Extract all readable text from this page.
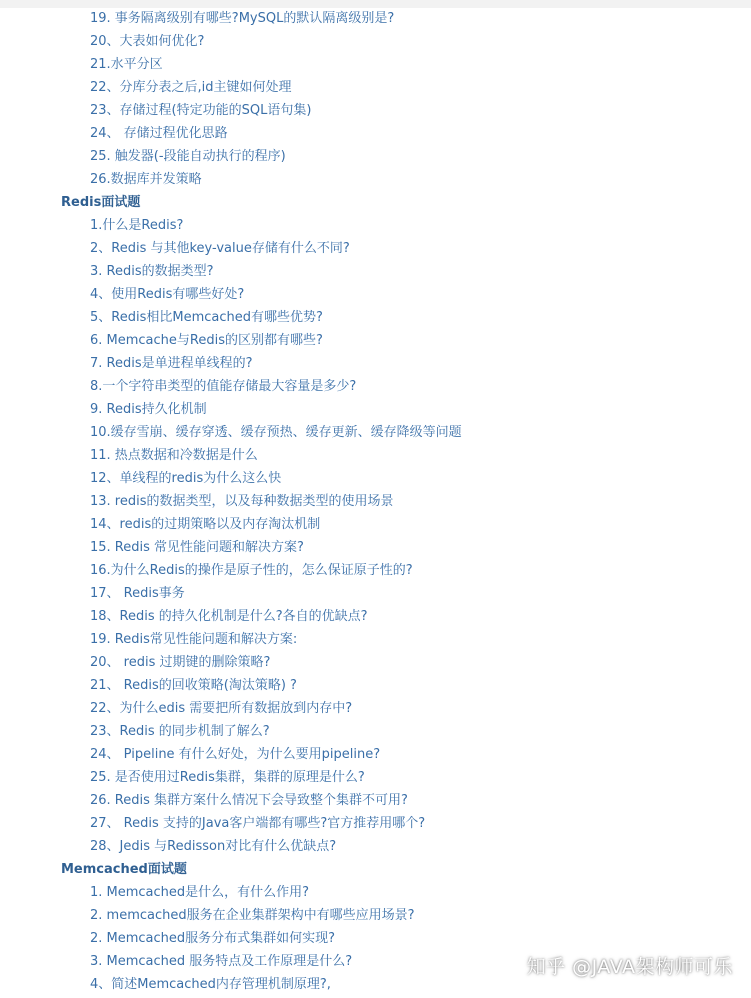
19. 事务隔离级别有哪些?MySQL的默认隔离级别是?
20、大表如何优化?
21.水平分区
22、分库分表之后,id主键如何处理
23、存储过程(特定功能的SQL语句集)
24、 存储过程优化思路
25. 触发器(-段能自动执行的程序)
26.数据库并发策略
Redis面试题
1.什么是Redis?
2、Redis 与其他key-value存储有什么不同?
3. Redis的数据类型?
4、使用Redis有哪些好处?
5、Redis相比Memcached有哪些优势?
6. Memcache与Redis的区别都有哪些?
7. Redis是单进程单线程的?
8.一个字符串类型的值能存储最大容量是多少?
9. Redis持久化机制
10.缓存雪崩、缓存穿透、缓存预热、缓存更新、缓存降级等问题
11. 热点数据和冷数据是什么
12、单线程的redis为什么这么快
13. redis的数据类型，以及每种数据类型的使用场景
14、redis的过期策略以及内存淘汰机制
15. Redis 常见性能问题和解决方案?
16.为什么Redis的操作是原子性的，怎么保证原子性的?
17、 Redis事务
18、Redis 的持久化机制是什么?各自的优缺点?
19. Redis常见性能问题和解决方案:
20、 redis 过期键的删除策略?
21、 Redis的回收策略(淘汰策略) ?
22、为什么edis 需要把所有数据放到内存中?
23、Redis 的同步机制了解么?
24、 Pipeline 有什么好处，为什么要用pipeline?
25. 是否使用过Redis集群，集群的原理是什么?
26. Redis 集群方案什么情况下会导致整个集群不可用?
27、 Redis 支持的Java客户端都有哪些?官方推荐用哪个?
28、Jedis 与Redisson对比有什么优缺点?
Memcached面试题
1. Memcached是什么，有什么作用?
2. memcached服务在企业集群架构中有哪些应用场景?
2. Memcached服务分布式集群如何实现?
3. Memcached 服务特点及工作原理是什么?
4、简述Memcached内存管理机制原理?,
知乎 @JAVA架构师可乐
